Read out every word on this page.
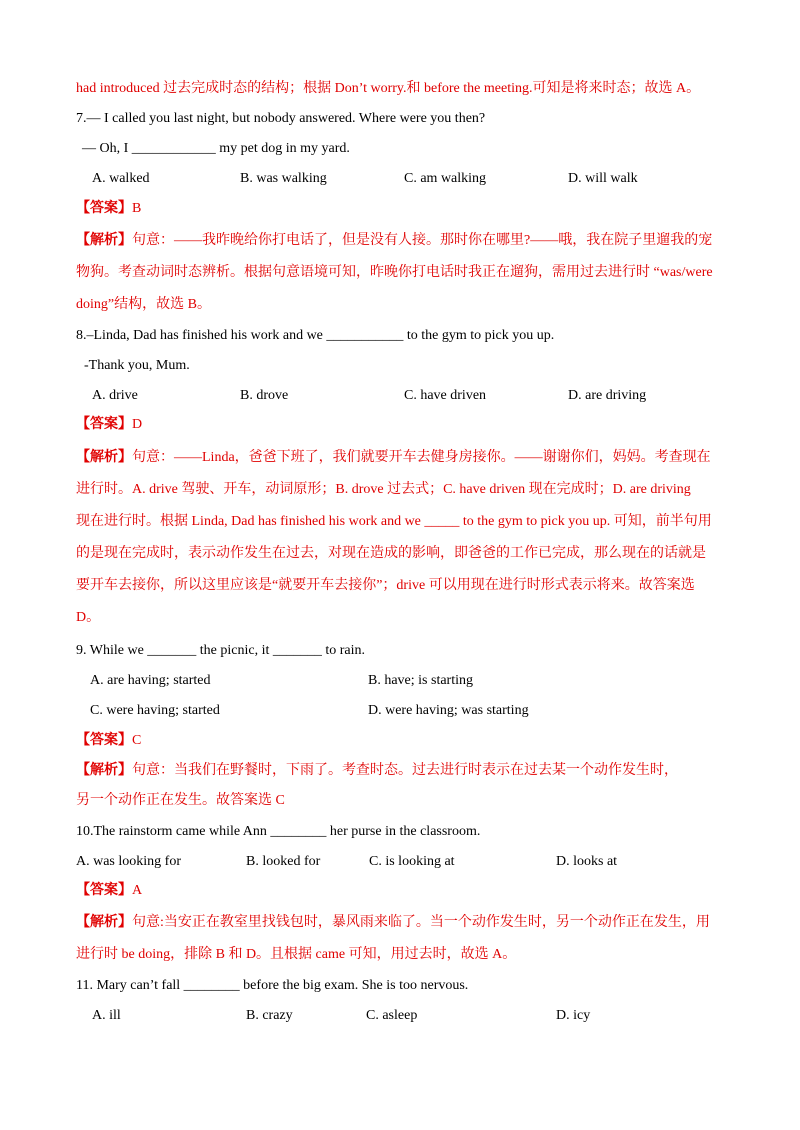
had introduced 过去完成时态的结构；根据 Don’t worry.和 before the meeting.可知是将来时态；故选 A。
7.— I called you last night, but nobody answered. Where were you then?
— Oh, I ____________ my pet dog in my yard.
A. walked	B. was walking	C. am walking	D. will walk
【答案】B
【解析】句意：——我昨晚给你打电话了，但是没有人接。那时你在哪里?——哦，我在院子里遛我的宠
物狗。考查动词时态辨析。根据句意语境可知，昨晚你打电话时我正在遛狗，需用过去进行时 “was/were
doing”结构，故选 B。
8.–Linda, Dad has finished his work and we ___________ to the gym to pick you up.
-Thank you, Mum.
A. drive	B. drove	C. have driven	D. are driving
【答案】D
【解析】句意：——Linda，爸爸下班了，我们就要开车去健身房接你。——谢谢你们，妈妈。考查现在
进行时。A. drive 驾驶、开车，动词原形；B. drove 过去式；C. have driven 现在完成时；D. are driving
现在进行时。根据 Linda, Dad has finished his work and we _____ to the gym to pick you up. 可知，前半句用
的是现在完成时，表示动作发生在过去，对现在造成的影响，即爸爸的工作已完成，那么现在的话就是
要开车去接你，所以这里应该是“就要开车去接你”；drive 可以用现在进行时形式表示将来。故答案选
D。
9. While we _______ the picnic, it _______ to rain.
A. are having; started	B. have; is starting
C. were having; started	D. were having; was starting
【答案】C
【解析】句意：当我们在野餐时，下雨了。考查时态。过去进行时表示在过去某一个动作发生时，
另一个动作正在发生。故答案选 C
10.The rainstorm came while Ann ________ her purse in the classroom.
A. was looking for	B. looked for	C. is looking at	D. looks at
【答案】A
【解析】句意:当安正在教室里找钱包时，暴风雨来临了。当一个动作发生时，另一个动作正在发生，用
进行时 be doing，排除 B 和 D。且根据 came 可知，用过去时，故选 A。
11. Mary can’t fall ________ before the big exam. She is too nervous.
A. ill	B. crazy	C. asleep	D. icy
